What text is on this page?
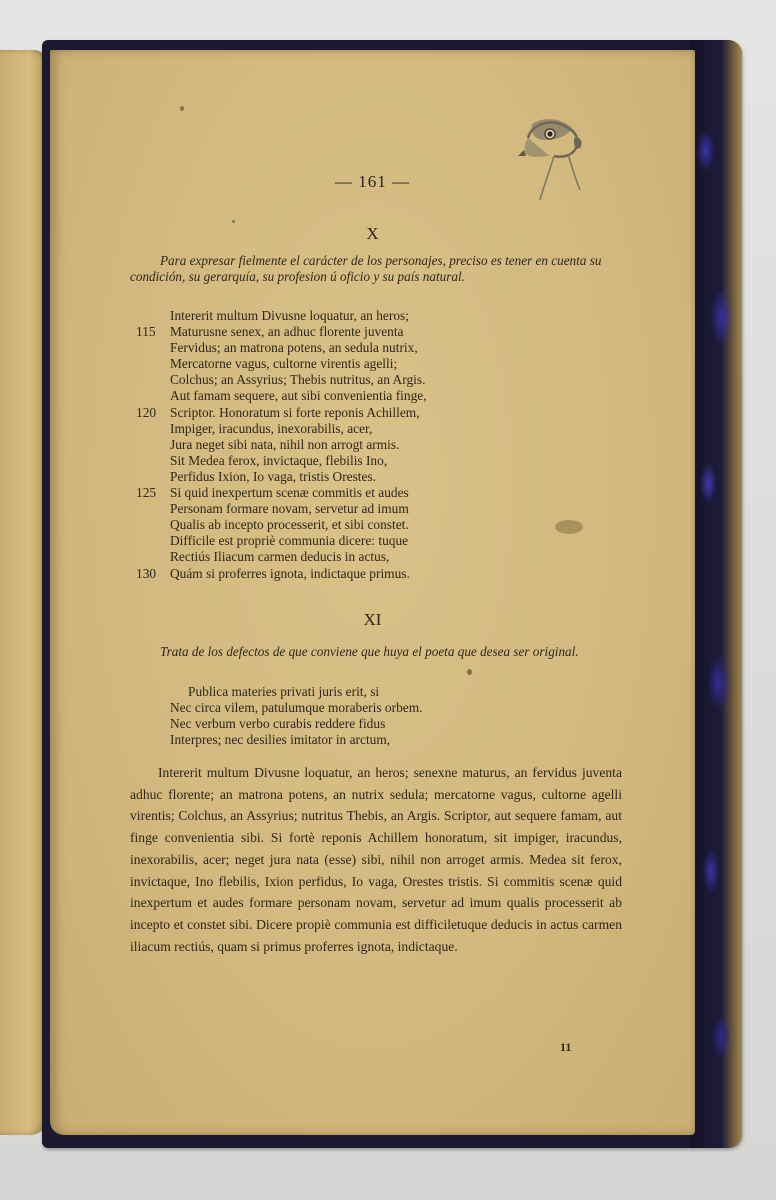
— 161 —
X
Para expresar fielmente el carácter de los personajes, preciso es tener en cuenta su condición, su gerarquía, su profesion ú oficio y su país natural.
Intererit multum Divusne loquatur, an heros;
115	Maturusne senex, an adhuc florente juventa
Fervidus; an matrona potens, an sedula nutrix,
Mercatorne vagus, cultorne virentis agelli;
Colchus; an Assyrius; Thebis nutritus, an Argis.
Aut famam sequere, aut sibi convenientia finge,
120	Scriptor. Honoratum si forte reponis Achillem,
Impiger, iracundus, inexorabilis, acer,
Jura neget sibi nata, nihil non arrogt armis.
Sit Medea ferox, invictaque, flebilis Ino,
Perfidus Ixion, Io vaga, tristis Orestes.
125	Si quid inexpertum scenæ commitis et audes
Personam formare novam, servetur ad imum
Qualis ab incepto processerit, et sibi constet.
Difficile est propriè communia dicere: tuque
Rectiús Iliacum carmen deducis in actus,
130	Quám si proferres ignota, indictaque primus.
XI
Trata de los defectos de que conviene que huya el poeta que desea ser original.
Publica materies privati juris erit, si
Nec circa vilem, patulumque moraberis orbem.
Nec verbum verbo curabis reddere fidus
Interpres; nec desilies imitator in arctum,
Intererit multum Divusne loquatur, an heros; senexne maturus, an fervidus juventa adhuc florente; an matrona potens, an nutrix sedula; mercatorne vagus, cultorne agelli virentis; Colchus, an Assyrius; nutritus Thebis, an Argis. Scriptor, aut sequere famam, aut finge convenientia sibi. Si fortè reponis Achillem honoratum, sit impiger, iracundus, inexorabilis, acer; neget jura nata (esse) sibi, nihil non arroget armis. Medea sit ferox, invictaque, Ino flebilis, Ixion perfidus, Io vaga, Orestes tristis. Si commitis scenæ quid inexpertum et audes formare personam novam, servetur ad imum qualis processerit ab incepto et constet sibi. Dicere propiè communia est difficiletuque deducis in actus carmen iliacum rectiús, quam si primus proferres ignota, indictaque.
11
